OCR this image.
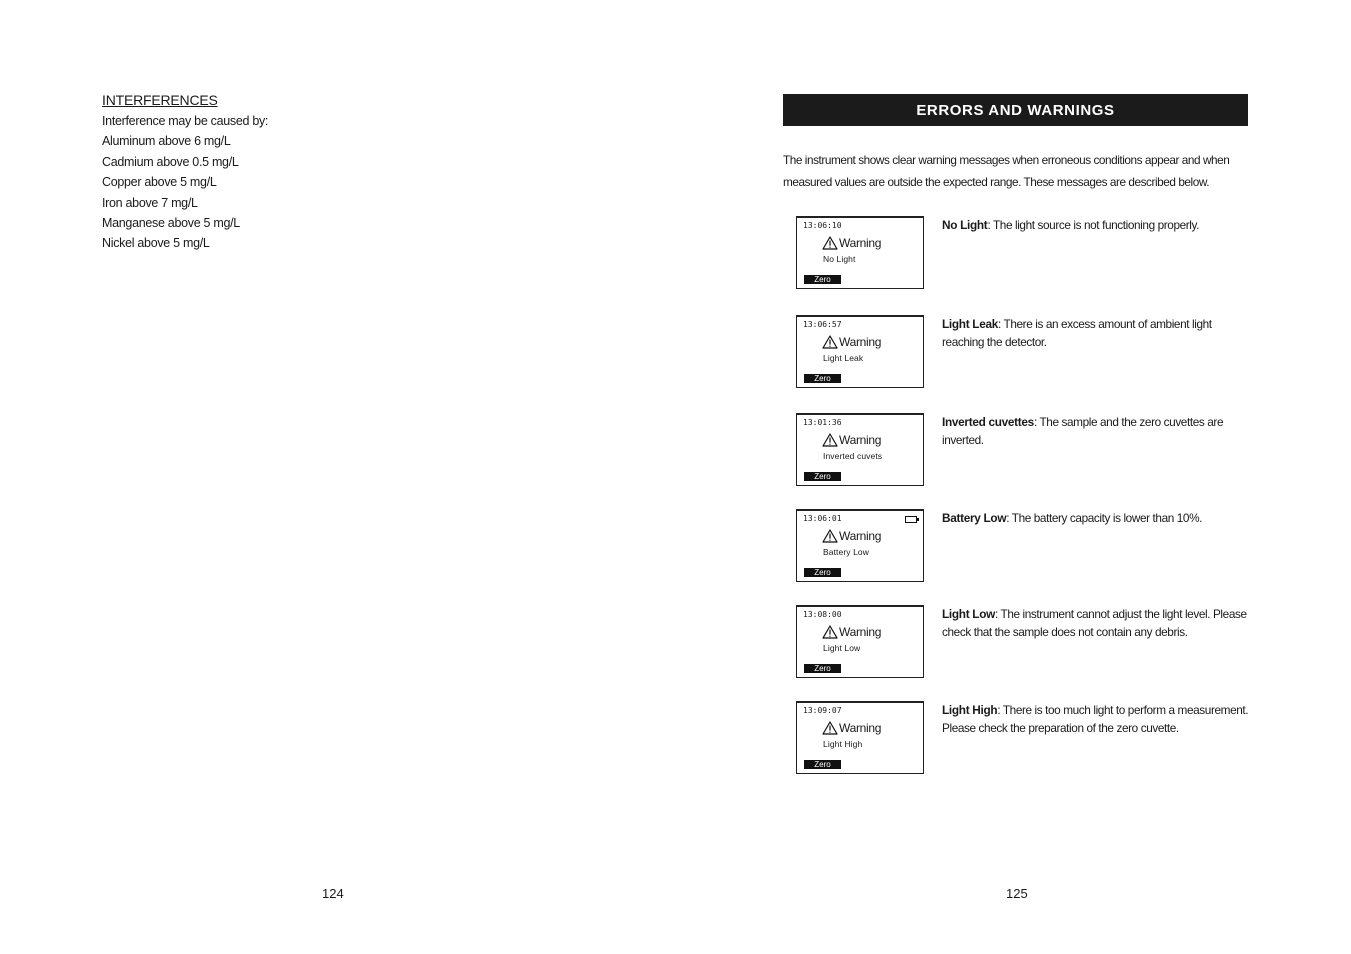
INTERFERENCES
Interference may be caused by:
Aluminum above 6 mg/L
Cadmium above 0.5 mg/L
Copper above 5 mg/L
Iron above 7 mg/L
Manganese above 5 mg/L
Nickel above 5 mg/L
124
ERRORS AND WARNINGS

The instrument shows clear warning messages when erroneous conditions appear and when measured values are outside the expected range. These messages are described below.

13:06:10
Warning
No Light
Zero

No Light: The light source is not functioning properly.

13:06:57
Warning
Light Leak
Zero

Light Leak: There is an excess amount of ambient light reaching the detector.

13:01:36
Warning
Inverted cuvets
Zero

Inverted cuvettes: The sample and the zero cuvettes are inverted.

13:06:01
Warning
Battery Low
Zero

Battery Low: The battery capacity is lower than 10%.

13:08:00
Warning
Light Low
Zero

Light Low: The instrument cannot adjust the light level. Please check that the sample does not contain any debris.

13:09:07
Warning
Light High
Zero

Light High: There is too much light to perform a measurement. Please check the preparation of the zero cuvette.

125
